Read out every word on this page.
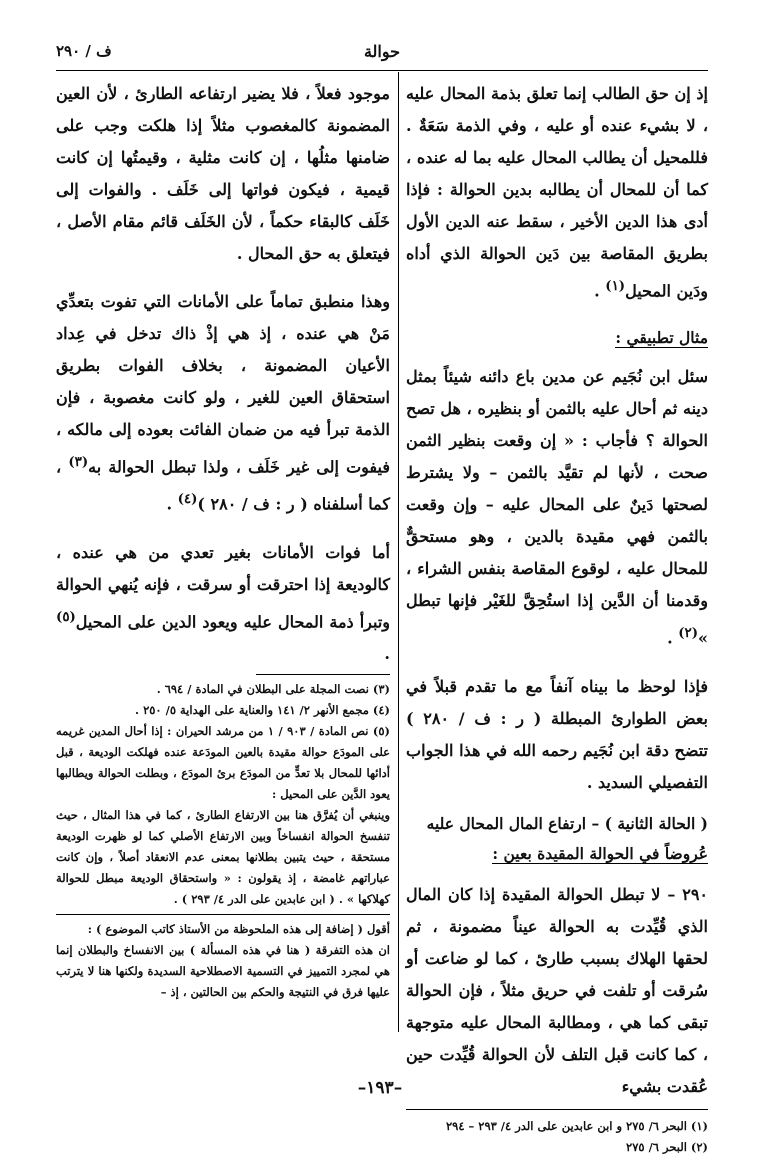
حوالة
ف / ٢٩٠

إذ إن حق الطالب إنما تعلق بذمة المحال عليه ، لا بشيء عنده أو عليه ، وفي الذمة سَعَةٌ . فللمحيل أن يطالب المحال عليه بما له عنده ، كما أن للمحال أن يطالبه بدين الحوالة : فإذا أدى هذا الدين الأخير ، سقط عنه الدين الأول بطريق المقاصة بين دَين الحوالة الذي أداه ودَين المحيل$^{(١)}$ .

مثال تطبيقي :

سئل ابن نُجَيم عن مدين باع دائنه شيئاً بمثل دينه ثم أحال عليه بالثمن أو بنظيره ، هل تصح الحوالة ؟ فأجاب : « إن وقعت بنظير الثمن صحت ، لأنها لم تقيَّد بالثمن – ولا يشترط لصحتها دَينٌ على المحال عليه – وإن وقعت بالثمن فهي مقيدة بالدين ، وهو مستحقٌّ للمحال عليه ، لوقوع المقاصة بنفس الشراء ، وقدمنا أن الدَّين إذا استُحِقَّ للغَيْر فإنها تبطل »$^{(٢)}$ .

فإذا لوحظ ما بيناه آنفاً مع ما تقدم قبلاً في بعض الطوارئ المبطلة ( ر : ف / ٢٨٠ ) تتضح دقة ابن نُجَيم رحمه الله في هذا الجواب التفصيلي السديد .

( الحالة الثانية ) – ارتفاع المال المحال عليه

عُروضاً في الحوالة المقيدة بعين :

٢٩٠ – لا تبطل الحوالة المقيدة إذا كان المال الذي قُيِّدت به الحوالة عيناً مضمونة ، ثم لحقها الهلاك بسبب طارئ ، كما لو ضاعت أو سُرقت أو تلفت في حريق مثلاً ، فإن الحوالة تبقى كما هي ، ومطالبة المحال عليه متوجهة ، كما كانت قبل التلف لأن الحوالة قُيِّدت حين عُقدت بشيء

(١) البحر ٦/ ٢٧٥ و ابن عابدين على الدر ٤/ ٢٩٣ – ٢٩٤

(٢) البحر ٦/ ٢٧٥

موجود فعلاً ، فلا يضير ارتفاعه الطارئ ، لأن العين المضمونة كالمغصوب مثلاً إذا هلكت وجب على ضامنها مثلُها ، إن كانت مثلية ، وقيمتُها إن كانت قيمية ، فيكون فواتها إلى خَلَف . والفوات إلى خَلَف كالبقاء حكماً ، لأن الخَلَف قائم مقام الأصل ، فيتعلق به حق المحال .

وهذا منطبق تماماً على الأمانات التي تفوت بتعدِّي مَنْ هي عنده ، إذ هي إذْ ذاك تدخل في عِداد الأعيان المضمونة ، بخلاف الفوات بطريق استحقاق العين للغير ، ولو كانت مغصوبة ، فإن الذمة تبرأ فيه من ضمان الفائت بعوده إلى مالكه ، فيفوت إلى غير خَلَف ، ولذا تبطل الحوالة به$^{(٣)}$ ، كما أسلفناه ( ر : ف / ٢٨٠ )$^{(٤)}$ .

أما فوات الأمانات بغير تعدي من هي عنده ، كالوديعة إذا احترقت أو سرقت ، فإنه يُنهي الحوالة وتبرأ ذمة المحال عليه ويعود الدين على المحيل$^{(٥)}$ .

(٣) نصت المجلة على البطلان في المادة / ٦٩٤ .

(٤) مجمع الأنهر ٢/ ١٤١ والعناية على الهداية ٥/ ٢٥٠ .

(٥) نص المادة / ٩٠٣ / ١ من مرشد الحيران : إذا أحال المدين غريمه على المودَع حوالة مقيدة بالعين المودَعة عنده فهلكت الوديعة ، قبل أدائها للمحال بلا تعدٍّ من المودَع برئ المودَع ، وبطلت الحوالة ويطالبها يعود الدَّين على المحيل :

وينبغي أن يُفرَّق هنا بين الارتفاع الطارئ ، كما في هذا المثال ، حيث تنفسخ الحوالة انفساخاً وبين الارتفاع الأصلي كما لو ظهرت الوديعة مستحقة ، حيث يتبين بطلانها بمعنى عدم الانعقاد أصلاً ، وإن كانت عباراتهم غامضة ، إذ يقولون : « واستحقاق الوديعة مبطل للحوالة كهلاكها » . ( ابن عابدين على الدر ٤/ ٢٩٣ ) .

أقول ( إضافة إلى هذه الملحوظة من الأستاذ كاتب الموضوع ) :

ان هذه التفرقة ( هنا في هذه المسألة ) بين الانفساخ والبطلان إنما هي لمجرد التمييز في التسمية الاصطلاحية السديدة ولكنها هنا لا يترتب عليها فرق في النتيجة والحكم بين الحالتين ، إذ –

–١٩٣–
